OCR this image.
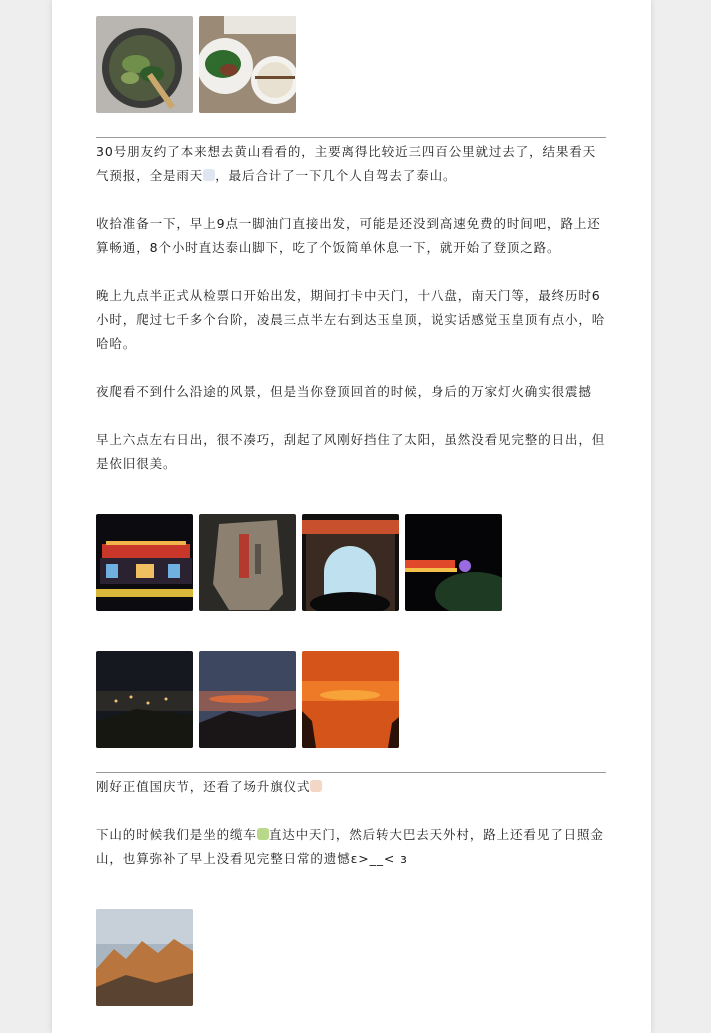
30号朋友约了本来想去黄山看看的，主要离得比较近三四百公里就过去了，结果看天气预报，全是雨天 ，最后合计了一下几个人自驾去了泰山。

收拾准备一下，早上9点一脚油门直接出发，可能是还没到高速免费的时间吧，路上还算畅通，8个小时直达泰山脚下，吃了个饭简单休息一下，就开始了登顶之路。

晚上九点半正式从检票口开始出发，期间打卡中天门，十八盘，南天门等，最终历时6小时，爬过七千多个台阶，凌晨三点半左右到达玉皇顶，说实话感觉玉皇顶有点小，哈哈哈。

夜爬看不到什么沿途的风景，但是当你登顶回首的时候，身后的万家灯火确实很震撼

早上六点左右日出，很不凑巧，刮起了风刚好挡住了太阳，虽然没看见完整的日出，但是依旧很美。

刚好正值国庆节，还看了场升旗仪式

下山的时候我们是坐的缆车 直达中天门，然后转大巴去天外村，路上还看见了日照金山，也算弥补了早上没看见完整日常的遗憾ε>__< з
